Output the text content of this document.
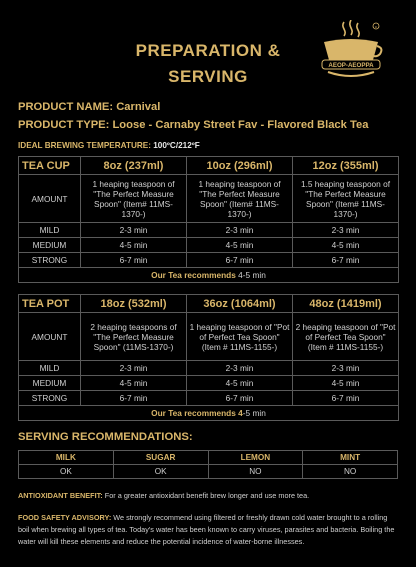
PREPARATION &
SERVING
c
AEOP-AEOPPA
PRODUCT NAME: Carnival
PRODUCT TYPE: Loose - Carnaby Street Fav - Flavored Black Tea
IDEAL BREWING TEMPERATURE: 100ºC/212ºF
TEA CUP	8oz (237ml)	10oz (296ml)	12oz (355ml)
AMOUNT	1 heaping teaspoon of "The Perfect Measure Spoon" (Item# 11MS-1370-)	1 heaping teaspoon of "The Perfect Measure Spoon" (Item# 11MS-1370-)	1.5 heaping teaspoon of "The Perfect Measure Spoon" (Item# 11MS-1370-)
MILD	2-3 min	2-3 min	2-3 min
MEDIUM	4-5 min	4-5 min	4-5 min
STRONG	6-7 min	6-7 min	6-7 min
Our Tea recommends 4-5 min			
TEA POT	18oz (532ml)	36oz (1064ml)	48oz (1419ml)
AMOUNT	2 heaping teaspoons of "The Perfect Measure Spoon" (11MS-1370-)	1 heaping teaspoon of "Pot of Perfect Tea Spoon" (Item # 11MS-1155-)	2 heaping teaspoon of "Pot of Perfect Tea Spoon" (Item # 11MS-1155-)
MILD	2-3 min	2-3 min	2-3 min
MEDIUM	4-5 min	4-5 min	4-5 min
STRONG	6-7 min	6-7 min	6-7 min
Our Tea recommends 4-5 min			
SERVING RECOMMENDATIONS:
MILK	SUGAR	LEMON	MINT
OK	OK	NO	NO
ANTIOXIDANT BENEFIT: For a greater antioxidant benefit brew longer and use more tea.
FOOD SAFETY ADVISORY: We strongly recommend using filtered or freshly drawn cold water brought to a rolling boil when brewing all types of tea. Today's water has been known to carry viruses, parasites and bacteria. Boiling the water will kill these elements and reduce the potential incidence of water-borne illnesses.
